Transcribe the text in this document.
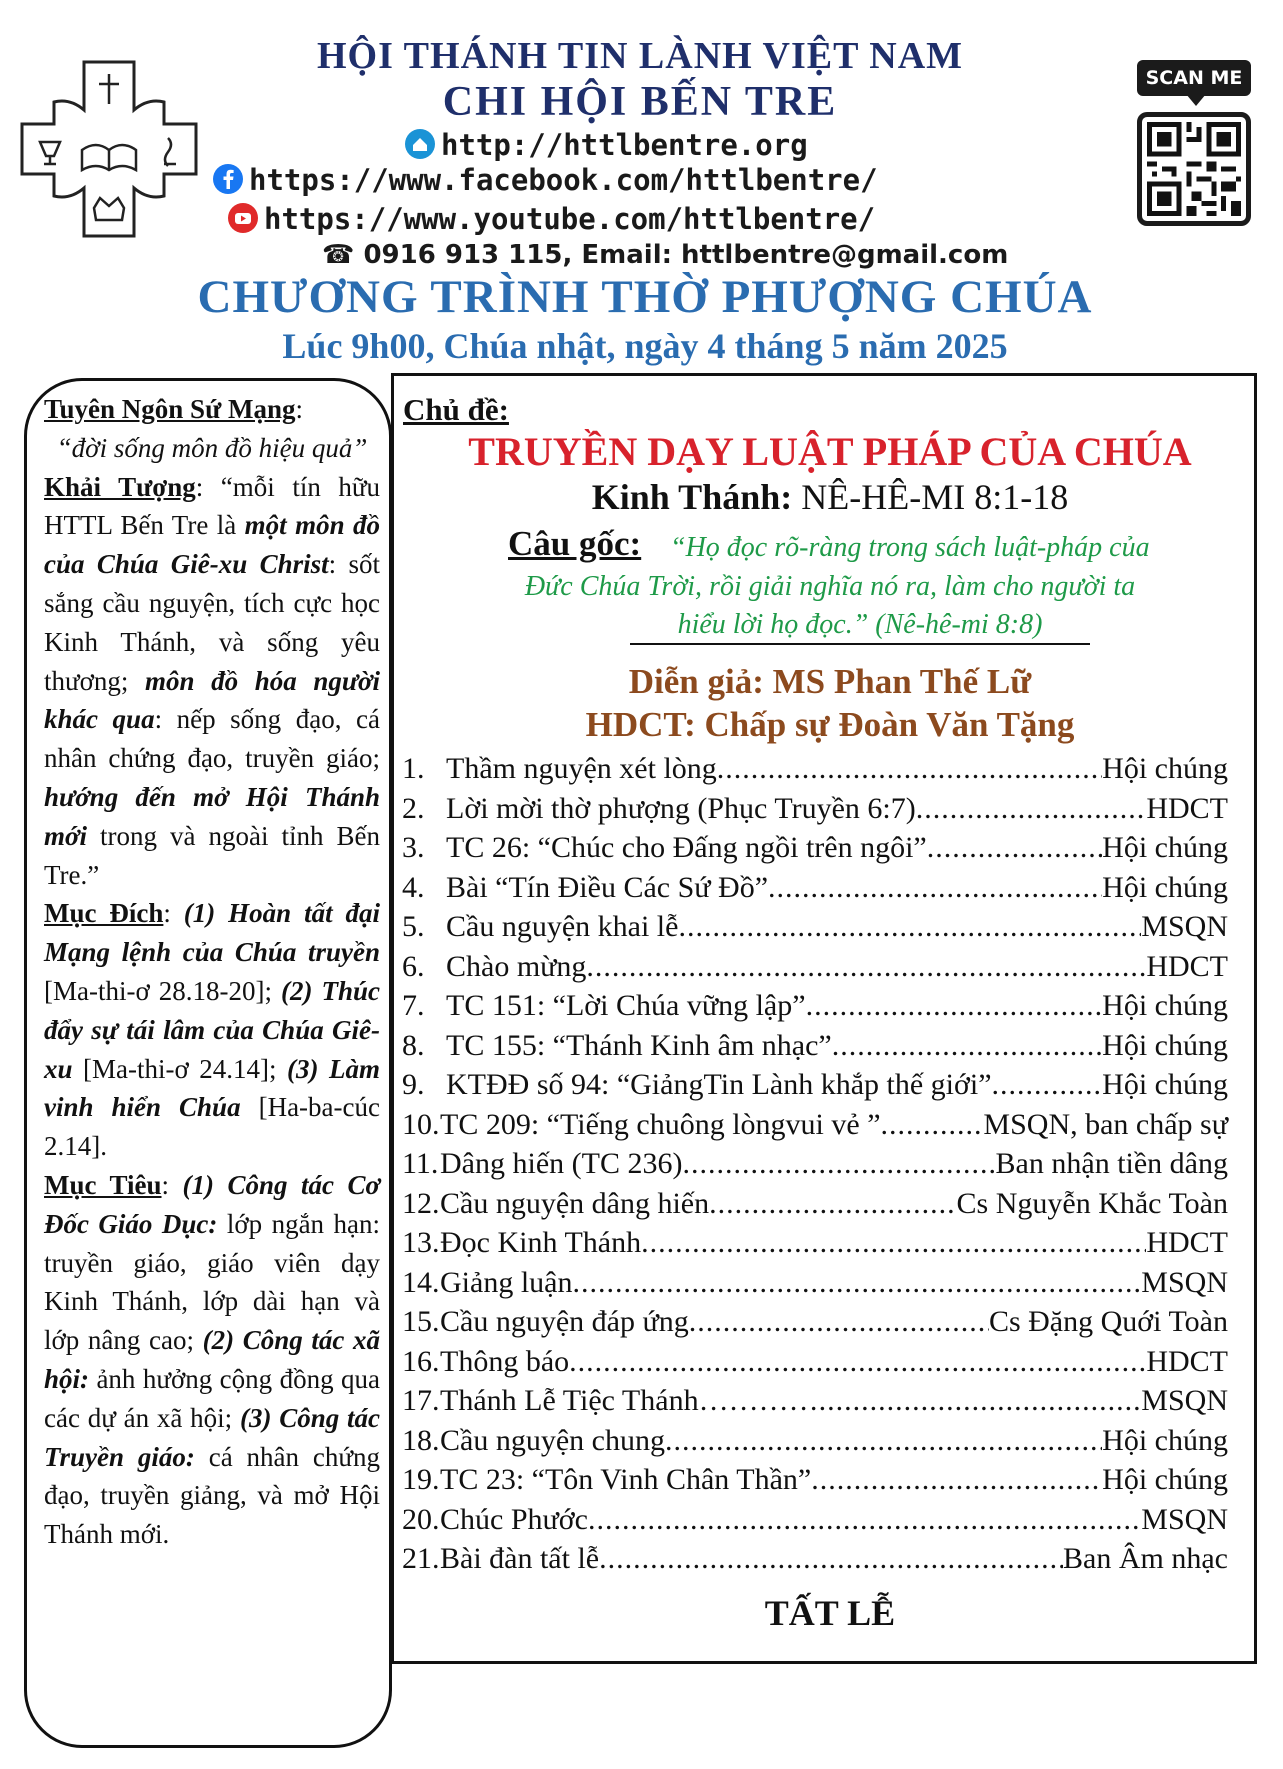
HỘI THÁNH TIN LÀNH VIỆT NAM
CHI HỘI BẾN TRE
http://httlbentre.org
https://www.facebook.com/httlbentre/
https://www.youtube.com/httlbentre/
☎ 0916 913 115, Email: httlbentre@gmail.com
CHƯƠNG TRÌNH THỜ PHƯỢNG CHÚA
Lúc 9h00, Chúa nhật, ngày 4 tháng 5 năm 2025
SCAN ME

Tuyên Ngôn Sứ Mạng:

“đời sống môn đồ hiệu quả”

Khải Tượng: “mỗi tín hữu HTTL Bến Tre là một môn đồ của Chúa Giê-xu Christ: sốt sắng cầu nguyện, tích cực học Kinh Thánh, và sống yêu thương; môn đồ hóa người khác qua: nếp sống đạo, cá nhân chứng đạo, truyền giáo; hướng đến mở Hội Thánh mới trong và ngoài tỉnh Bến Tre.”

Mục Đích: (1) Hoàn tất đại Mạng lệnh của Chúa truyền [Ma-thi-ơ 28.18-20]; (2) Thúc đẩy sự tái lâm của Chúa Giê-xu [Ma-thi-ơ 24.14]; (3) Làm vinh hiển Chúa [Ha-ba-cúc 2.14].

Mục Tiêu: (1) Công tác Cơ Đốc Giáo Dục: lớp ngắn hạn: truyền giáo, giáo viên dạy Kinh Thánh, lớp dài hạn và lớp nâng cao; (2) Công tác xã hội: ảnh hưởng cộng đồng qua các dự án xã hội; (3) Công tác Truyền giáo: cá nhân chứng đạo, truyền giảng, và mở Hội Thánh mới.

Chủ đề:
TRUYỀN DẠY LUẬT PHÁP CỦA CHÚA
Kinh Thánh: NÊ-HÊ-MI 8:1-18
Câu gốc: “Họ đọc rõ-ràng trong sách luật-pháp của
Đức Chúa Trời, rồi giải nghĩa nó ra, làm cho người ta
hiểu lời họ đọc.” (Nê-hê-mi 8:8)
Diễn giả: MS Phan Thế Lữ
HDCT: Chấp sự Đoàn Văn Tặng
1. Thầm nguyện xét lòng .....	Hội chúng
2. Lời mời thờ phượng (Phục Truyền 6:7) .....	HDCT
3. TC 26: “Chúc cho Đấng ngồi trên ngôi” .....	Hội chúng
4. Bài “Tín Điều Các Sứ Đồ” .....	Hội chúng
5. Cầu nguyện khai lễ .....	MSQN
6. Chào mừng .....	HDCT
7. TC 151: “Lời Chúa vững lập” .....	Hội chúng
8. TC 155: “Thánh Kinh âm nhạc” .....	Hội chúng
9. KTĐĐ số 94: “GiảngTin Lành khắp thế giới” .....	Hội chúng
10. TC 209: “Tiếng chuông lòngvui vẻ ” .....	MSQN, ban chấp sự
11. Dâng hiến (TC 236) .....	Ban nhận tiền dâng
12. Cầu nguyện dâng hiến .....	Cs Nguyễn Khắc Toàn
13. Đọc Kinh Thánh .....	HDCT
14. Giảng luận .....	MSQN
15. Cầu nguyện đáp ứng .....	Cs Đặng Quới Toàn
16. Thông báo .....	HDCT
17. Thánh Lễ Tiệc Thánh………… .....	MSQN
18. Cầu nguyện chung .....	Hội chúng
19. TC 23: “Tôn Vinh Chân Thần” .....	Hội chúng
20. Chúc Phước .....	MSQN
21. Bài đàn tất lễ .....	Ban Âm nhạc
TẤT LỄ
